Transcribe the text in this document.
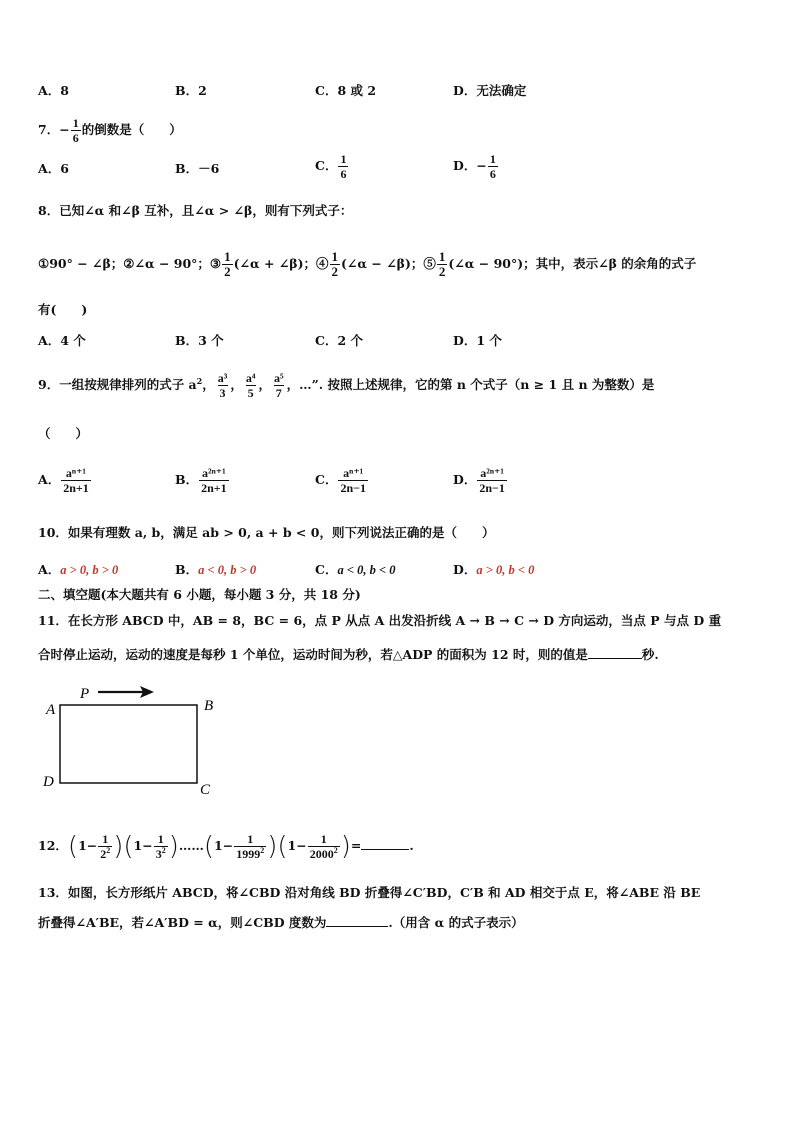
A．8	B．2	C．8 或 2	D．无法确定
7．− $\frac{1}{6}$ 的倒数是（　　）
A．6	B．－6	C． $\frac{1}{6}$	D．− $\frac{1}{6}$
8．已知∠α 和∠β 互补，且∠α > ∠β，则有下列式子：
①90° − ∠β；②∠α − 90°；③ $\frac{1}{2}$ (∠α + ∠β)；④ $\frac{1}{2}$ (∠α − ∠β)；⑤ $\frac{1}{2}$ (∠α − 90°)；其中，表示∠β 的余角的式子
有(　　)
A．4 个	B．3 个	C．2 个	D．1 个
9．一组按规律排列的式子 $a^2$， $\frac{\text{a³}}{3}$ ， $\frac{\text{a⁴}}{5}$ ， $\frac{\text{a⁵}}{7}$ ，…”. 按照上述规律，它的第 n 个式子（n ≥ 1 且 n 为整数）是
（　　）
A． $\frac{\text{aⁿ⁺¹}}{2n+1}$	B． $\frac{\text{a²ⁿ⁺¹}}{2n+1}$	C． $\frac{\text{aⁿ⁺¹}}{2n-1}$	D． $\frac{\text{a²ⁿ⁺¹}}{2n-1}$
10．如果有理数 a, b，满足 ab > 0, a + b < 0，则下列说法正确的是（　　）
A．a > 0, b > 0	B．a < 0, b > 0	C．a < 0, b < 0	D．a > 0, b < 0
二、填空题(本大题共有 6 小题，每小题 3 分，共 18 分)
11．在长方形 ABCD 中，AB = 8，BC = 6，点 P 从点 A 出发沿折线 A → B → C → D 方向运动，当点 P 与点 D 重
合时停止运动，运动的速度是每秒 1 个单位，运动时间为秒，若△ADP 的面积为 12 时，则的值是	秒.
P
A	B
C
D
12．$(1- \frac{1}{2^2} )(1- \frac{1}{3^2}$ )……(1− $\frac{1}{1999^2} )(1- \frac{1}{2000^2}$ )=	.
13．如图，长方形纸片 ABCD，将∠CBD 沿对角线 BD 折叠得∠C′BD，C′B 和 AD 相交于点 E，将∠ABE 沿 BE
折叠得∠A′BE，若∠A′BD = α，则∠CBD 度数为	.（用含 α 的式子表示）
